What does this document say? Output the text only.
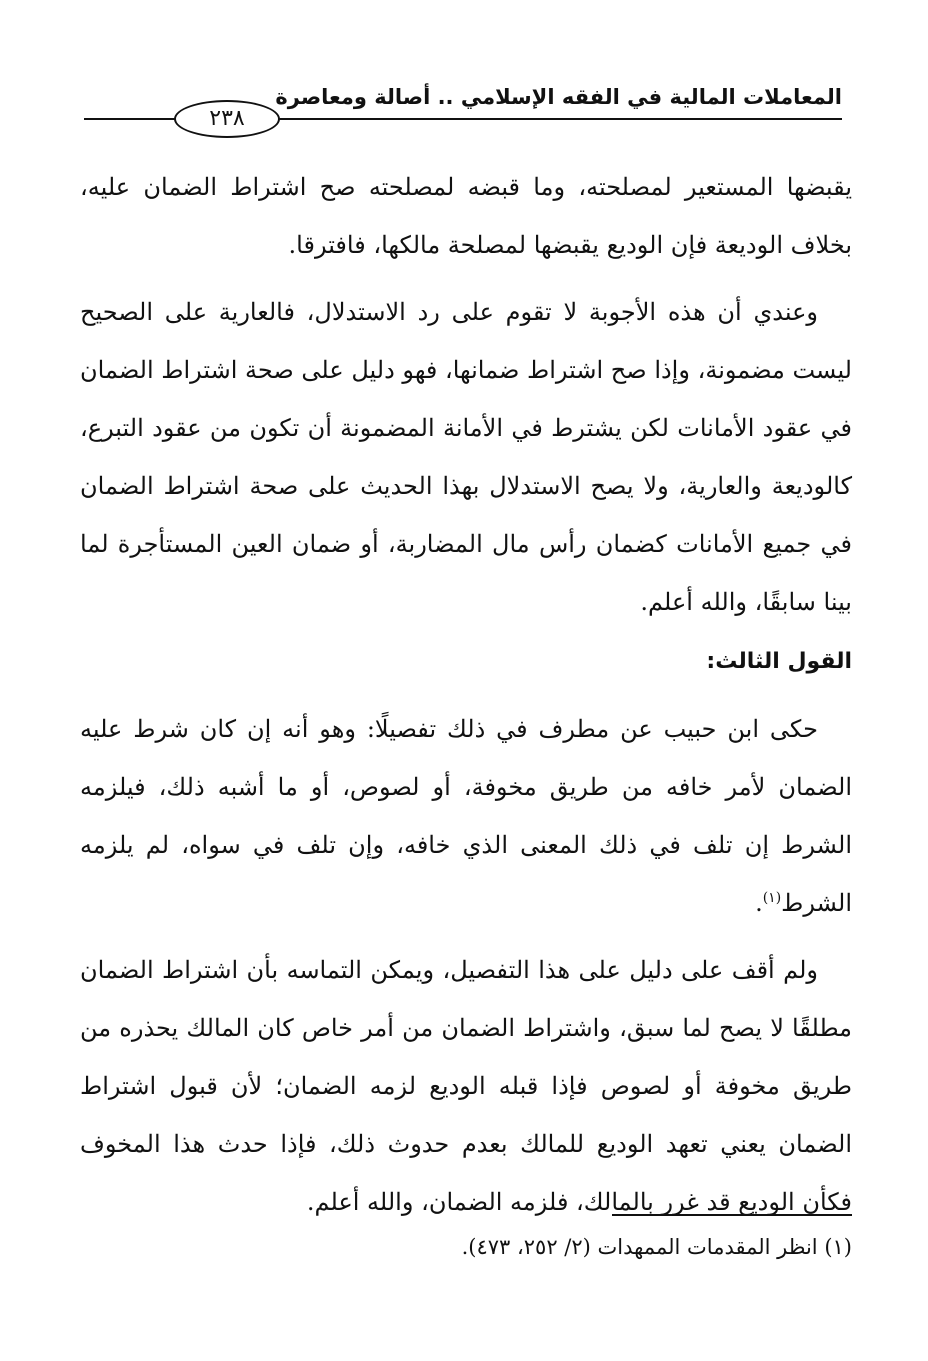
المعاملات المالية في الفقه الإسلامي .. أصالة ومعاصرة
٢٣٨

يقبضها المستعير لمصلحته، وما قبضه لمصلحته صح اشتراط الضمان عليه، بخلاف الوديعة فإن الوديع يقبضها لمصلحة مالكها، فافترقا.

وعندي أن هذه الأجوبة لا تقوم على رد الاستدلال، فالعارية على الصحيح ليست مضمونة، وإذا صح اشتراط ضمانها، فهو دليل على صحة اشتراط الضمان في عقود الأمانات لكن يشترط في الأمانة المضمونة أن تكون من عقود التبرع، كالوديعة والعارية، ولا يصح الاستدلال بهذا الحديث على صحة اشتراط الضمان في جميع الأمانات كضمان رأس مال المضاربة، أو ضمان العين المستأجرة لما بينا سابقًا، والله أعلم.

القول الثالث:

حكى ابن حبيب عن مطرف في ذلك تفصيلًا: وهو أنه إن كان شرط عليه الضمان لأمر خافه من طريق مخوفة، أو لصوص، أو ما أشبه ذلك، فيلزمه الشرط إن تلف في ذلك المعنى الذي خافه، وإن تلف في سواه، لم يلزمه الشرط$^{(١)}$.

ولم أقف على دليل على هذا التفصيل، ويمكن التماسه بأن اشتراط الضمان مطلقًا لا يصح لما سبق، واشتراط الضمان من أمر خاص كان المالك يحذره من طريق مخوفة أو لصوص فإذا قبله الوديع لزمه الضمان؛ لأن قبول اشتراط الضمان يعني تعهد الوديع للمالك بعدم حدوث ذلك، فإذا حدث هذا المخوف فكأن الوديع قد غرر بالمالك، فلزمه الضمان، والله أعلم.

(١) انظر المقدمات الممهدات (٢/ ٢٥٢، ٤٧٣).
